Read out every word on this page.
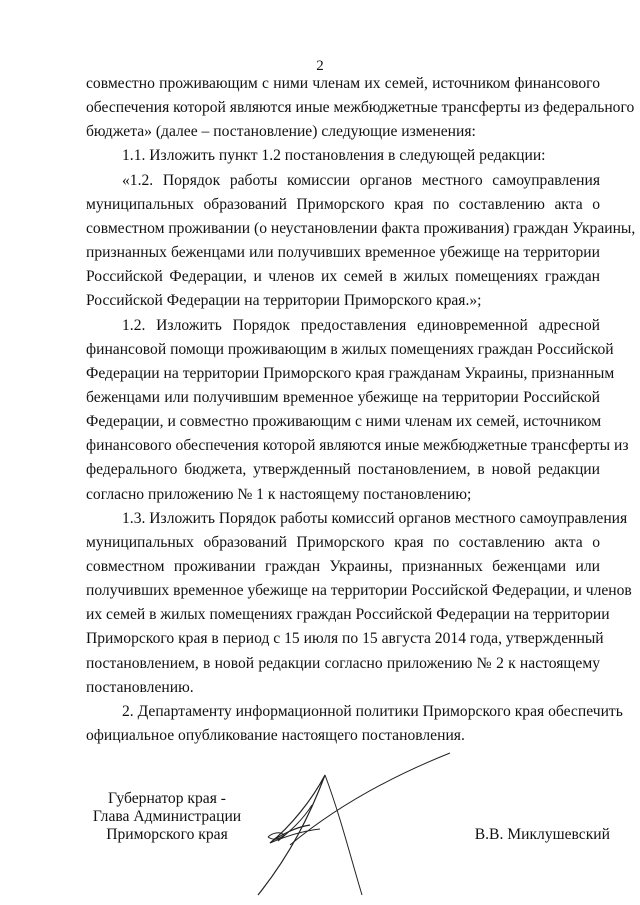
2
совместно проживающим с ними членам их семей, источником финансового
обеспечения которой являются иные межбюджетные трансферты из федерального
бюджета» (далее – постановление) следующие изменения:
1.1. Изложить пункт 1.2 постановления в следующей редакции:
«1.2. Порядок работы комиссии органов местного самоуправления
муниципальных образований Приморского края по составлению акта о
совместном проживании (о неустановлении факта проживания) граждан Украины,
признанных беженцами или получивших временное убежище на территории
Российской Федерации, и членов их семей в жилых помещениях граждан
Российской Федерации на территории Приморского края.»;
1.2. Изложить Порядок предоставления единовременной адресной
финансовой помощи проживающим в жилых помещениях граждан Российской
Федерации на территории Приморского края гражданам Украины, признанным
беженцами или получившим временное убежище на территории Российской
Федерации, и совместно проживающим с ними членам их семей, источником
финансового обеспечения которой являются иные межбюджетные трансферты из
федерального бюджета, утвержденный постановлением, в новой редакции
согласно приложению № 1 к настоящему постановлению;
1.3. Изложить Порядок работы комиссий органов местного самоуправления
муниципальных образований Приморского края по составлению акта о
совместном проживании граждан Украины, признанных беженцами или
получивших временное убежище на территории Российской Федерации, и членов
их семей в жилых помещениях граждан Российской Федерации на территории
Приморского края в период с 15 июля по 15 августа 2014 года, утвержденный
постановлением, в новой редакции согласно приложению № 2 к настоящему
постановлению.
2. Департаменту информационной политики Приморского края обеспечить
официальное опубликование настоящего постановления.
Губернатор края -
Глава Администрации
Приморского края	В.В. Миклушевский
